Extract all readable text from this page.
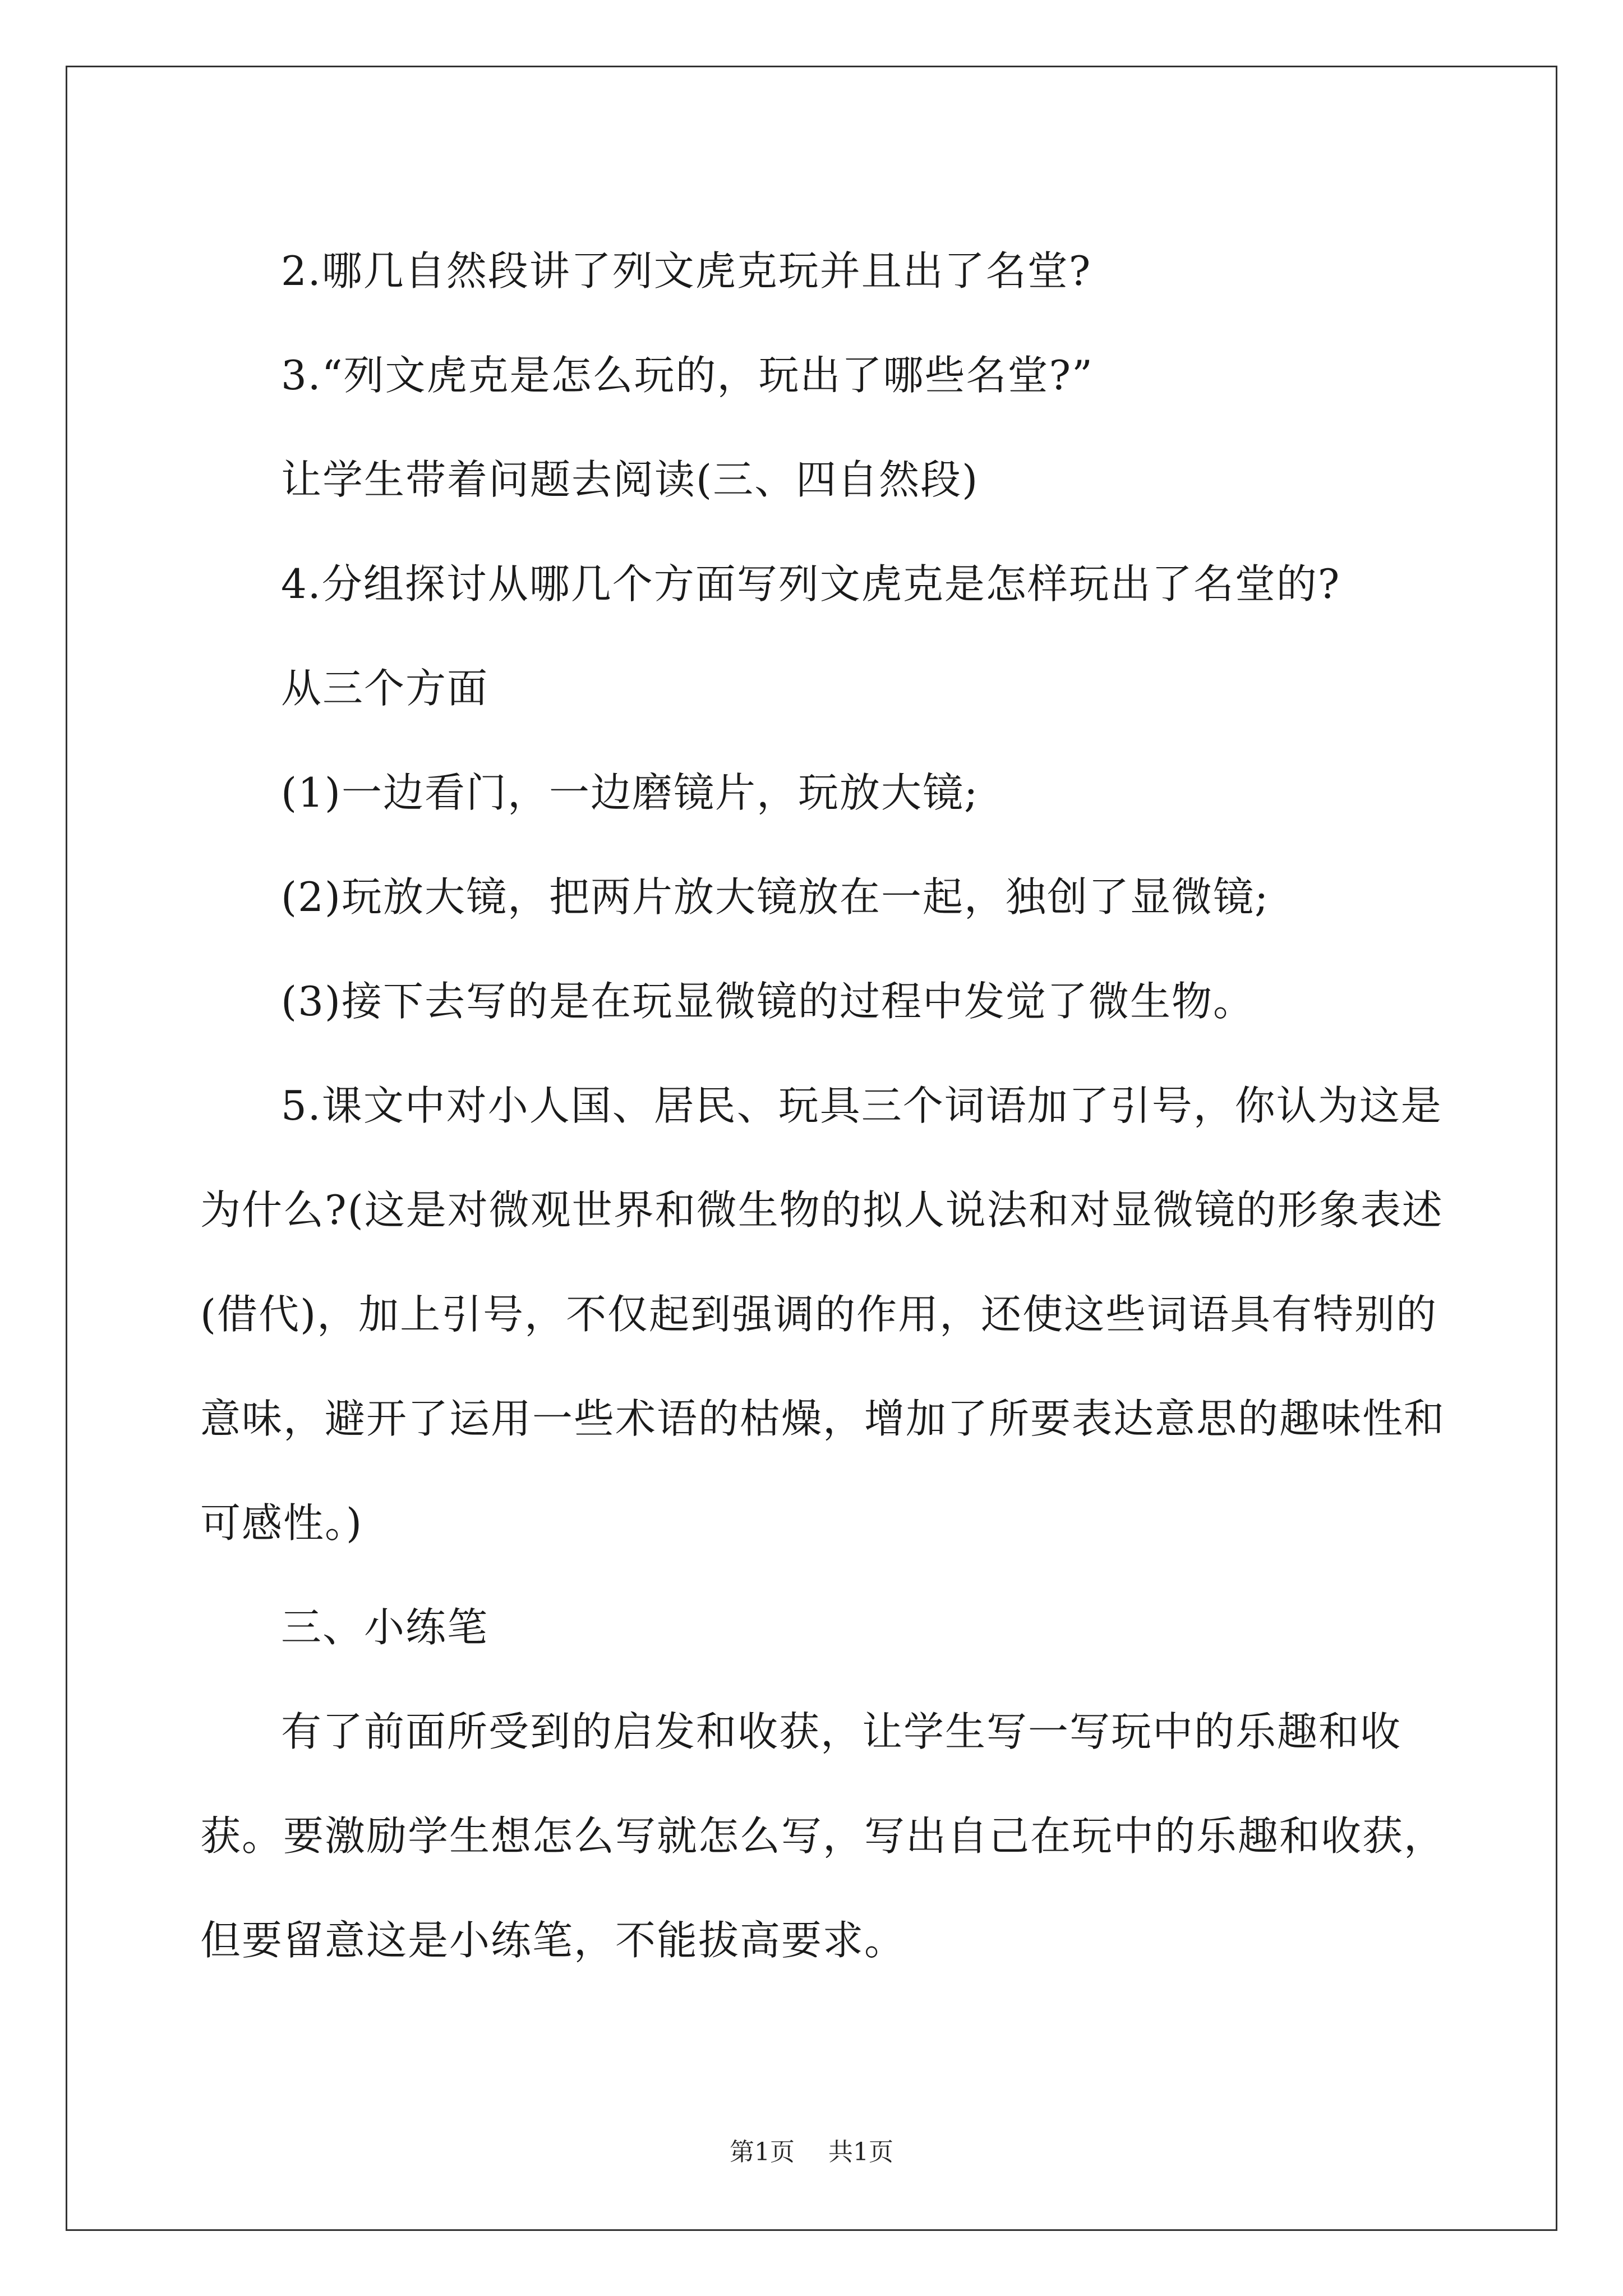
2.哪几自然段讲了列文虎克玩并且出了名堂?

3.“列文虎克是怎么玩的，玩出了哪些名堂?”

让学生带着问题去阅读(三、四自然段)

4.分组探讨从哪几个方面写列文虎克是怎样玩出了名堂的?

从三个方面

(1)一边看门，一边磨镜片，玩放大镜;

(2)玩放大镜，把两片放大镜放在一起，独创了显微镜;

(3)接下去写的是在玩显微镜的过程中发觉了微生物。

5.课文中对小人国、居民、玩具三个词语加了引号，你认为这是为什么?(这是对微观世界和微生物的拟人说法和对显微镜的形象表述(借代)，加上引号，不仅起到强调的作用，还使这些词语具有特别的意味，避开了运用一些术语的枯燥，增加了所要表达意思的趣味性和可感性。)

三、小练笔

有了前面所受到的启发和收获，让学生写一写玩中的乐趣和收获。要激励学生想怎么写就怎么写，写出自己在玩中的乐趣和收获，但要留意这是小练笔，不能拔高要求。

第1页 共1页
